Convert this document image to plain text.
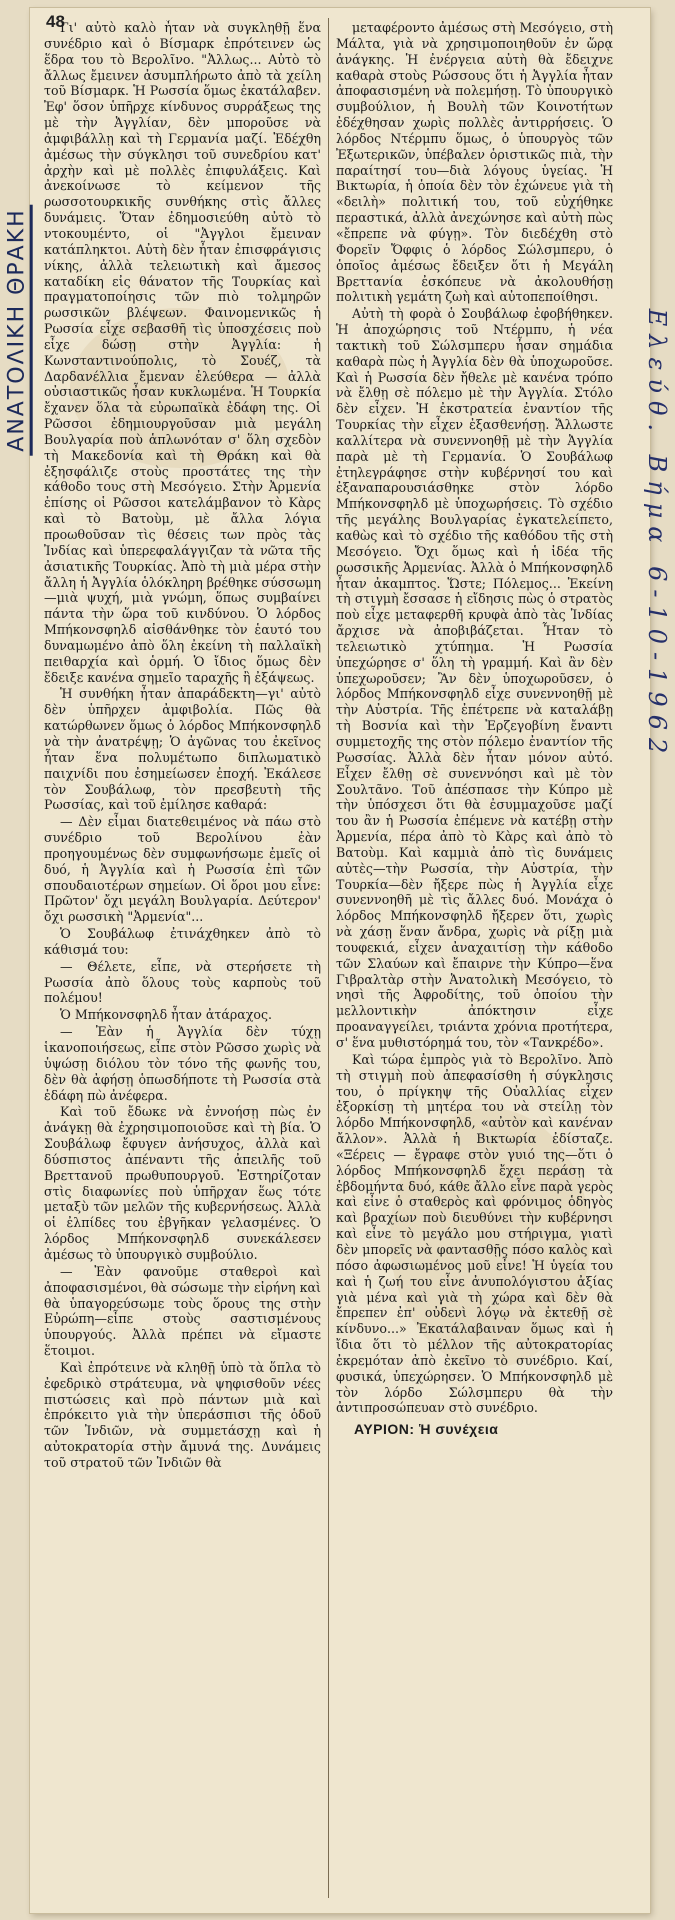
48
ΑΝΑΤΟΛΙΚΗ ΘΡΑΚΗ	Ελεύθ. Βήμα 6-10-1962

Γι' αὐτὸ καλὸ ἦταν νὰ συγκληθῇ ἕνα συνέδριο καὶ ὁ Βίσμαρκ ἐπρότεινεν ὡς ἕδρα του τὸ Βερολῖνο. "Ἀλλως... Αὐτὸ τὸ ἄλλως ἔμεινεν ἀσυμπλήρωτο ἀπὸ τὰ χείλη τοῦ Βίσμαρκ. Ἡ Ρωσσία ὅμως ἐκατάλαβεν. Ἐφ' ὅσον ὑπῆρχε κίνδυνος συρράξεως της μὲ τὴν Ἀγγλίαν, δὲν μποροῦσε νὰ ἀμφιβάλλῃ καὶ τὴ Γερμανία μαζί. Ἐδέχθη ἀμέσως τὴν σύγκλησι τοῦ συνεδρίου κατ' ἀρχὴν καὶ μὲ πολλὲς ἐπιφυλάξεις. Καὶ ἀνεκοίνωσε τὸ κείμενον τῆς ρωσσοτουρκικῆς συνθήκης στὶς ἄλλες δυνάμεις. Ὅταν ἐδημοσιεύθη αὐτὸ τὸ ντοκουμέντο, οἱ "Ἀγγλοι ἔμειναν κατάπληκτοι. Αὐτὴ δὲν ἦταν ἐπισφράγισις νίκης, ἀλλὰ τελειωτικὴ καὶ ἄμεσος καταδίκη εἰς θάνατον τῆς Τουρκίας καὶ πραγματοποίησις τῶν πιὸ τολμηρῶν ρωσσικῶν βλέψεων. Φαινομενικῶς ἡ Ρωσσία εἶχε σεβασθῆ τὶς ὑποσχέσεις ποὺ εἶχε δώσῃ στὴν Ἀγγλία: ἡ Κωνσταντινούπολις, τὸ Σουέζ, τὰ Δαρδανέλλια ἔμεναν ἐλεύθερα — ἀλλὰ οὐσιαστικῶς ἦσαν κυκλωμένα. Ἡ Τουρκία ἔχανεν ὅλα τὰ εὐρωπαϊκὰ ἐδάφη της. Οἱ Ρῶσσοι ἐδημιουργοῦσαν μιὰ μεγάλη Βουλγαρία ποὺ ἁπλωνόταν σ' ὅλη σχεδὸν τὴ Μακεδονία καὶ τὴ Θράκη καὶ θὰ ἐξησφάλιζε στοὺς προστάτες της τὴν κάθοδο τους στὴ Μεσόγειο. Στὴν Ἀρμενία ἐπίσης οἱ Ρῶσσοι κατελάμβανον τὸ Κὰρς καὶ τὸ Βατοὺμ, μὲ ἄλλα λόγια προωθοῦσαν τὶς θέσεις των πρὸς τὰς Ἰνδίας καὶ ὑπερεφαλάγγιζαν τὰ νῶτα τῆς ἀσιατικῆς Τουρκίας. Ἀπὸ τὴ μιὰ μέρα στὴν ἄλλη ἡ Ἀγγλία ὁλόκληρη βρέθηκε σύσσωμη—μιὰ ψυχή, μιὰ γνώμη, ὅπως συμβαίνει πάντα τὴν ὥρα τοῦ κινδύνου. Ὁ λόρδος Μπήκονσφηλδ αἰσθάνθηκε τὸν ἑαυτό του δυναμωμένο ἀπὸ ὅλη ἐκείνη τὴ παλλαϊκὴ πειθαρχία καὶ ὁρμή. Ὁ ἴδιος ὅμως δὲν ἔδειξε κανένα σημεῖο ταραχῆς ἢ ἐξάψεως.

Ἡ συνθήκη ἦταν ἀπαράδεκτη—γι' αὐτὸ δὲν ὑπῆρχεν ἀμφιβολία. Πῶς θὰ κατώρθωνεν ὅμως ὁ λόρδος Μπήκονσφηλδ νὰ τὴν ἀνατρέψῃ; Ὁ ἀγῶνας του ἐκεῖνος ἦταν ἕνα πολυμέτωπο διπλωματικὸ παιχνίδι που ἐσημείωσεν ἐποχή. Ἐκάλεσε τὸν Σουβάλωφ, τὸν πρεσβευτὴ τῆς Ρωσσίας, καὶ τοῦ ἐμίλησε καθαρά:

— Δὲν εἶμαι διατεθειμένος νὰ πάω στὸ συνέδριο τοῦ Βερολίνου ἐὰν προηγουμένως δὲν συμφωνήσωμε ἐμεῖς οἱ δυό, ἡ Ἀγγλία καὶ ἡ Ρωσσία ἐπὶ τῶν σπουδαιοτέρων σημείων. Οἱ ὅροι μου εἶνε: Πρῶτον' ὄχι μεγάλη Βουλγαρία. Δεύτερον' ὄχι ρωσσικὴ "Ἀρμενία"...

Ὁ Σουβάλωφ ἐτινάχθηκεν ἀπὸ τὸ κάθισμά του:

— Θέλετε, εἶπε, νὰ στερήσετε τὴ Ρωσσία ἀπὸ ὅλους τοὺς καρποὺς τοῦ πολέμου!

Ὁ Μπήκονσφηλδ ἦταν ἀτάραχος.

— Ἐὰν ἡ Ἀγγλία δὲν τύχῃ ἱκανοποιήσεως, εἶπε στὸν Ρῶσσο χωρὶς νὰ ὑψώσῃ διόλου τὸν τόνο τῆς φωνῆς του, δὲν θὰ ἀφήσῃ ὁπωσδήποτε τὴ Ρωσσία στὰ ἐδάφη πὼ ἀνέφερα.

Καὶ τοῦ ἔδωκε νὰ ἐννοήσῃ πὼς ἐν ἀνάγκῃ θὰ ἐχρησιμοποιοῦσε καὶ τὴ βία. Ὁ Σουβάλωφ ἔφυγεν ἀνήσυχος, ἀλλὰ καὶ δύσπιστος ἀπέναντι τῆς ἀπειλῆς τοῦ Βρεττανοῦ πρωθυπουργοῦ. Ἐστηρίζοταν στὶς διαφωνίες ποὺ ὑπῆρχαν ἕως τότε μεταξὺ τῶν μελῶν τῆς κυβερνήσεως. Ἀλλὰ οἱ ἐλπίδες του ἐβγῆκαν γελασμένες. Ὁ λόρδος Μπήκονσφηλδ συνεκάλεσεν ἀμέσως τὸ ὑπουργικὸ συμβούλιο.

— Ἐὰν φανοῦμε σταθεροὶ καὶ ἀποφασισμένοι, θὰ σώσωμε τὴν εἰρήνη καὶ θὰ ὑπαγορεύσωμε τοὺς ὅρους της στὴν Εὐρώπη—εἶπε στοὺς σαστισμένους ὑπουργούς. Ἀλλὰ πρέπει νὰ εἴμαστε ἕτοιμοι.

Καὶ ἐπρότεινε νὰ κληθῇ ὑπὸ τὰ ὅπλα τὸ ἐφεδρικὸ στράτευμα, νὰ ψηφισθοῦν νέες πιστώσεις καὶ πρὸ πάντων μιὰ καὶ ἐπρόκειτο γιὰ τὴν ὑπεράσπισι τῆς ὁδοῦ τῶν Ἰνδιῶν, νὰ συμμετάσχῃ καὶ ἡ αὐτοκρατορία στὴν ἄμυνά της. Δυνάμεις τοῦ στρατοῦ τῶν Ἰνδιῶν θὰ

μεταφέροντο ἀμέσως στὴ Μεσόγειο, στὴ Μάλτα, γιὰ νὰ χρησιμοποιηθοῦν ἐν ὥρᾳ ἀνάγκης. Ἡ ἐνέργεια αὐτὴ θὰ ἔδειχνε καθαρὰ στοὺς Ρώσσους ὅτι ἡ Ἀγγλία ἦταν ἀποφασισμένη νὰ πολεμήσῃ. Τὸ ὑπουργικὸ συμβούλιον, ἡ Βουλὴ τῶν Κοινοτήτων ἐδέχθησαν χωρὶς πολλὲς ἀντιρρήσεις. Ὁ λόρδος Ντέρμπυ ὅμως, ὁ ὑπουργὸς τῶν Ἐξωτερικῶν, ὑπέβαλεν ὁριστικῶς πιὰ, τὴν παραίτησί του—διὰ λόγους ὑγείας. Ἡ Βικτωρία, ἡ ὁποία δὲν τὸν ἐχώνευε γιὰ τὴ «δειλὴ» πολιτική του, τοῦ εὐχήθηκε περαστικά, ἀλλὰ ἀνεχώνησε καὶ αὐτὴ πὼς «ἔπρεπε νὰ φύγῃ». Τὸν διεδέχθη στὸ Φορεϊν Ὄφφις ὁ λόρδος Σώλσμπερυ, ὁ ὁποῖος ἀμέσως ἔδειξεν ὅτι ἡ Μεγάλη Βρεττανία ἐσκόπευε νὰ ἀκολουθήσῃ πολιτικὴ γεμάτη ζωὴ καὶ αὐτοπεποίθησι.

Αὐτὴ τὴ φορὰ ὁ Σουβάλωφ ἐφοβήθηκεν. Ἡ ἀποχώρησις τοῦ Ντέρμπυ, ἡ νέα τακτικὴ τοῦ Σώλσμπερυ ἦσαν σημάδια καθαρὰ πὼς ἡ Ἀγγλία δὲν θὰ ὑποχωροῦσε. Καὶ ἡ Ρωσσία δὲν ἤθελε μὲ κανένα τρόπο νὰ ἔλθῃ σὲ πόλεμο μὲ τὴν Ἀγγλία. Στόλο δὲν εἶχεν. Ἡ ἐκστρατεία ἐναντίον τῆς Τουρκίας τὴν εἶχεν ἐξασθενήσῃ. Ἄλλωστε καλλίτερα νὰ συνεννοηθῇ μὲ τὴν Ἀγγλία παρὰ μὲ τὴ Γερμανία. Ὁ Σουβάλωφ ἐτηλεγράφησε στὴν κυβέρνησί του καὶ ἐξαναπαρουσιάσθηκε στὸν λόρδο Μπήκονσφηλδ μὲ ὑποχωρήσεις. Τὸ σχέδιο τῆς μεγάλης Βουλγαρίας ἐγκατελείπετο, καθὼς καὶ τὸ σχέδιο τῆς καθόδου τῆς στὴ Μεσόγειο. Ὄχι ὅμως καὶ ἡ ἰδέα τῆς ρωσσικῆς Ἀρμενίας. Ἀλλὰ ὁ Μπήκονσφηλδ ἦταν ἀκαμπτος. Ὥστε; Πόλεμος... Ἐκείνη τὴ στιγμὴ ἔσσασε ἡ εἴδησις πὼς ὁ στρατὸς ποὺ εἶχε μεταφερθῆ κρυφὰ ἀπὸ τὰς Ἰνδίας ἄρχισε νὰ ἀποβιβάζεται. Ἦταν τὸ τελειωτικὸ χτύπημα. Ἡ Ρωσσία ὑπεχώρησε σ' ὅλη τὴ γραμμή. Καὶ ἂν δὲν ὑπεχωροῦσεν; Ἂν δὲν ὑποχωροῦσεν, ὁ λόρδος Μπήκονσφηλδ εἶχε συνεννοηθῇ μὲ τὴν Αὐστρία. Τῆς ἐπέτρεπε νὰ καταλάβῃ τὴ Βοσνία καὶ τὴν Ἐρζεγοβίνη ἔναντι συμμετοχῆς της στὸν πόλεμο ἐναντίον τῆς Ρωσσίας. Ἀλλὰ δὲν ἦταν μόνον αὐτό. Εἶχεν ἔλθῃ σὲ συνεννόησι καὶ μὲ τὸν Σουλτᾶνο. Τοῦ ἀπέσπασε τὴν Κύπρο μὲ τὴν ὑπόσχεσι ὅτι θὰ ἐσυμμαχοῦσε μαζί του ἂν ἡ Ρωσσία ἐπέμενε νὰ κατέβῃ στὴν Ἀρμενία, πέρα ἀπὸ τὸ Κὰρς καὶ ἀπὸ τὸ Βατοὺμ. Καὶ καμμιὰ ἀπὸ τὶς δυνάμεις αὐτὲς—τὴν Ρωσσία, τὴν Αὐστρία, τὴν Τουρκία—δὲν ἤξερε πὼς ἡ Ἀγγλία εἶχε συνεννοηθῆ μὲ τὶς ἄλλες δυό. Μονάχα ὁ λόρδος Μπήκονσφηλδ ἤξερεν ὅτι, χωρὶς νὰ χάσῃ ἕναν ἄνδρα, χωρὶς νὰ ρίξῃ μιὰ τουφεκιά, εἶχεν ἀναχαιτίσῃ τὴν κάθοδο τῶν Σλαύων καὶ ἔπαιρνε τὴν Κύπρο—ἕνα Γιβραλτὰρ στὴν Ἀνατολικὴ Μεσόγειο, τὸ νησὶ τῆς Ἀφροδίτης, τοῦ ὁποίου τὴν μελλοντικὴν ἀπόκτησιν εἶχε προαναγγείλει, τριάντα χρόνια προτήτερα, σ' ἕνα μυθιστόρημά του, τὸν «Τανκρέδο».

Καὶ τώρα ἐμπρὸς γιὰ τὸ Βερολῖνο. Ἀπὸ τὴ στιγμὴ ποὺ ἀπεφασίσθη ἡ σύγκλησις του, ὁ πρίγκηψ τῆς Οὐαλλίας εἶχεν ἐξορκίσῃ τὴ μητέρα του νὰ στείλῃ τὸν λόρδο Μπήκονσφηλδ, «αὐτὸν καὶ κανέναν ἄλλον». Ἀλλὰ ἡ Βικτωρία ἐδίσταζε. «Ξέρεις — ἔγραφε στὸν γυιό της—ὅτι ὁ λόρδος Μπήκονσφηλδ ἔχει περάσῃ τὰ ἑβδομήντα δυό, κάθε ἄλλο εἶνε παρὰ γερὸς καὶ εἶνε ὁ σταθερὸς καὶ φρόνιμος ὁδηγὸς καὶ βραχίων ποὺ διευθύνει τὴν κυβέρνησι καὶ εἶνε τὸ μεγάλο μου στήριγμα, γιατὶ δὲν μπορεῖς νὰ φαντασθῇς πόσο καλὸς καὶ πόσο ἀφωσιωμένος μοῦ εἶνε! Ἡ ὑγεία του καὶ ἡ ζωή του εἶνε ἀνυπολόγιστου ἀξίας γιὰ μένα καὶ γιὰ τὴ χώρα καὶ δὲν θὰ ἔπρεπεν ἐπ' οὐδενὶ λόγῳ νὰ ἐκτεθῇ σὲ κίνδυνο...» Ἐκατάλαβαιναν ὅμως καὶ ἡ ἴδια ὅτι τὸ μέλλον τῆς αὐτοκρατορίας ἐκρεμόταν ἀπὸ ἐκεῖνο τὸ συνέδριο. Καί, φυσικά, ὑπεχώρησεν. Ὁ Μπήκονσφηλδ μὲ τὸν λόρδο Σώλσμπερυ θὰ τὴν ἀντιπροσώπευαν στὸ συνέδριο.

ΑΥΡΙΟΝ: Ἡ συνέχεια
